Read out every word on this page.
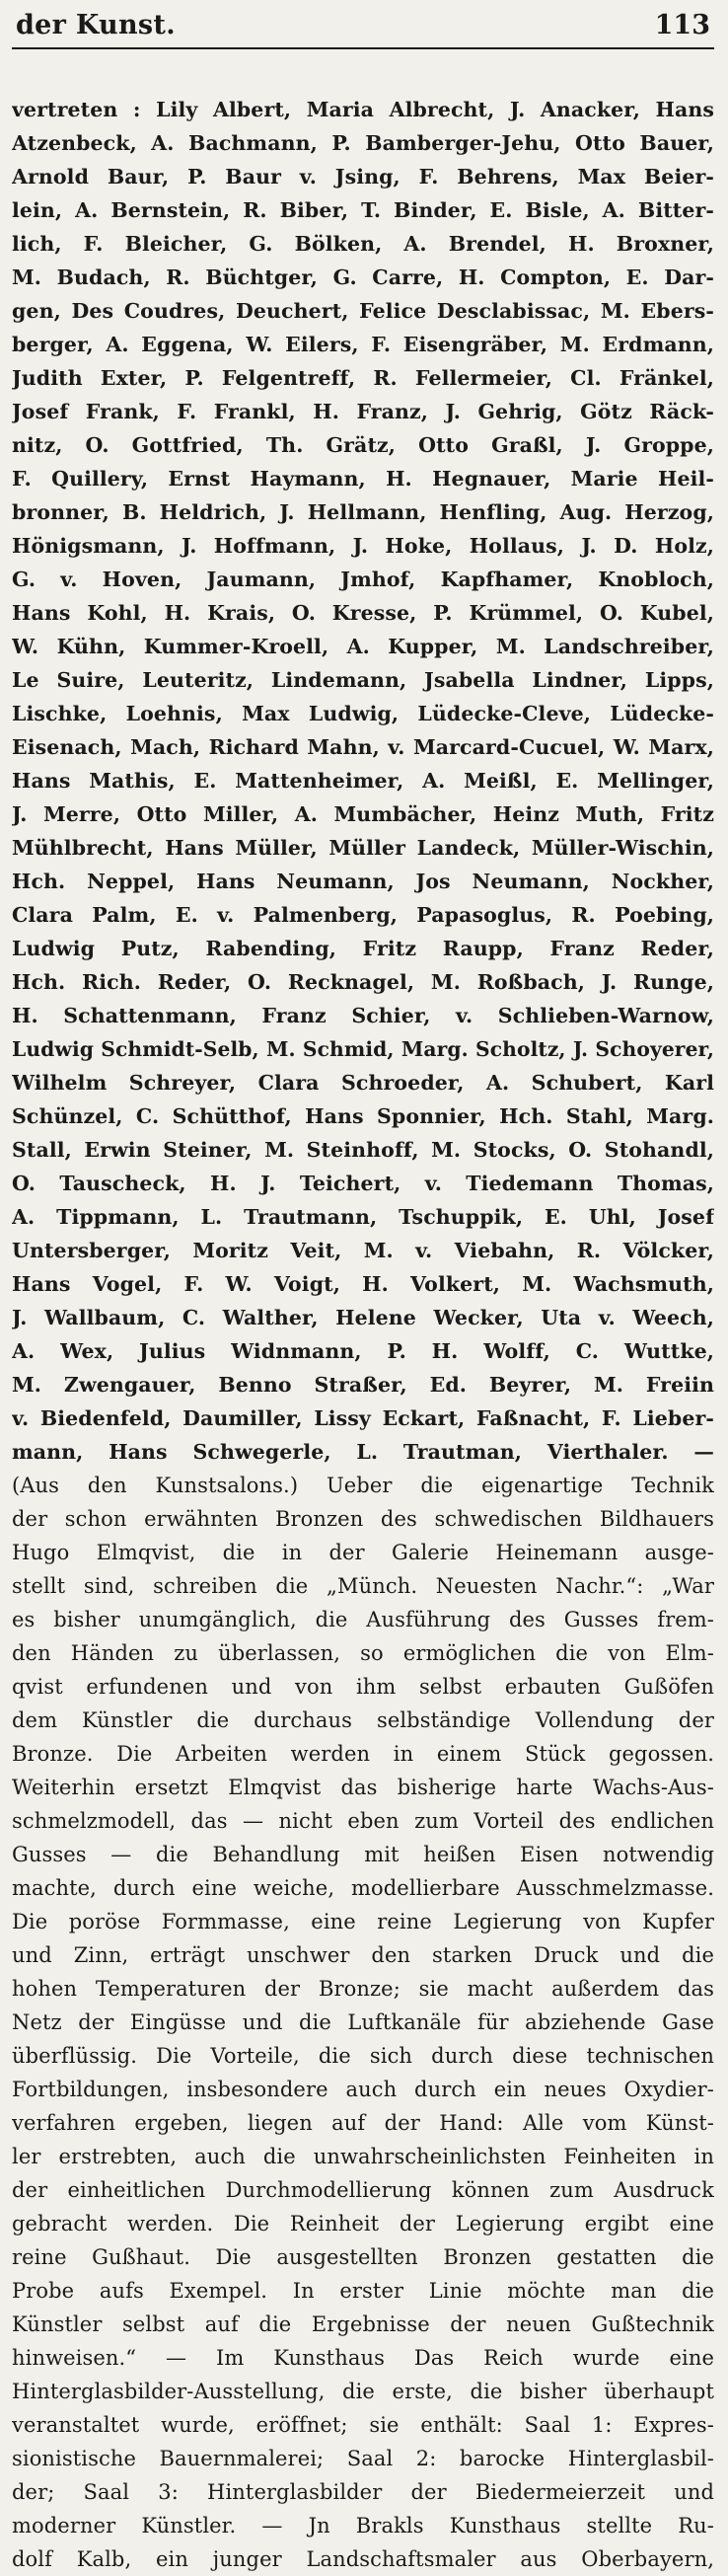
der Kunst.	113
vertreten : Lily Albert, Maria Albrecht, J. Anacker, Hans
Atzenbeck, A. Bachmann, P. Bamberger-Jehu, Otto Bauer,
Arnold Baur, P. Baur v. Jsing, F. Behrens, Max Beier-
lein, A. Bernstein, R. Biber, T. Binder, E. Bisle, A. Bitter-
lich, F. Bleicher, G. Bölken, A. Brendel, H. Broxner,
M. Budach, R. Büchtger, G. Carre, H. Compton, E. Dar-
gen, Des Coudres, Deuchert, Felice Desclabissac, M. Ebers-
berger, A. Eggena, W. Eilers, F. Eisengräber, M. Erdmann,
Judith Exter, P. Felgentreff, R. Fellermeier, Cl. Fränkel,
Josef Frank, F. Frankl, H. Franz, J. Gehrig, Götz Räck-
nitz, O. Gottfried, Th. Grätz, Otto Graßl, J. Groppe,
F. Quillery, Ernst Haymann, H. Hegnauer, Marie Heil-
bronner, B. Heldrich, J. Hellmann, Henfling, Aug. Herzog,
Hönigsmann, J. Hoffmann, J. Hoke, Hollaus, J. D. Holz,
G. v. Hoven, Jaumann, Jmhof, Kapfhamer, Knobloch,
Hans Kohl, H. Krais, O. Kresse, P. Krümmel, O. Kubel,
W. Kühn, Kummer-Kroell, A. Kupper, M. Landschreiber,
Le Suire, Leuteritz, Lindemann, Jsabella Lindner, Lipps,
Lischke, Loehnis, Max Ludwig, Lüdecke-Cleve, Lüdecke-
Eisenach, Mach, Richard Mahn, v. Marcard-Cucuel, W. Marx,
Hans Mathis, E. Mattenheimer, A. Meißl, E. Mellinger,
J. Merre, Otto Miller, A. Mumbächer, Heinz Muth, Fritz
Mühlbrecht, Hans Müller, Müller Landeck, Müller-Wischin,
Hch. Neppel, Hans Neumann, Jos Neumann, Nockher,
Clara Palm, E. v. Palmenberg, Papasoglus, R. Poebing,
Ludwig Putz, Rabending, Fritz Raupp, Franz Reder,
Hch. Rich. Reder, O. Recknagel, M. Roßbach, J. Runge,
H. Schattenmann, Franz Schier, v. Schlieben-Warnow,
Ludwig Schmidt-Selb, M. Schmid, Marg. Scholtz, J. Schoyerer,
Wilhelm Schreyer, Clara Schroeder, A. Schubert, Karl
Schünzel, C. Schütthof, Hans Sponnier, Hch. Stahl, Marg.
Stall, Erwin Steiner, M. Steinhoff, M. Stocks, O. Stohandl,
O. Tauscheck, H. J. Teichert, v. Tiedemann Thomas,
A. Tippmann, L. Trautmann, Tschuppik, E. Uhl, Josef
Untersberger, Moritz Veit, M. v. Viebahn, R. Völcker,
Hans Vogel, F. W. Voigt, H. Volkert, M. Wachsmuth,
J. Wallbaum, C. Walther, Helene Wecker, Uta v. Weech,
A. Wex, Julius Widnmann, P. H. Wolff, C. Wuttke,
M. Zwengauer, Benno Straßer, Ed. Beyrer, M. Freiin
v. Biedenfeld, Daumiller, Lissy Eckart, Faßnacht, F. Lieber-
mann, Hans Schwegerle, L. Trautman, Vierthaler. —
(Aus den Kunstsalons.) Ueber die eigenartige Technik
der schon erwähnten Bronzen des schwedischen Bildhauers
Hugo Elmqvist, die in der Galerie Heinemann ausge-
stellt sind, schreiben die „Münch. Neuesten Nachr.“: „War
es bisher unumgänglich, die Ausführung des Gusses frem-
den Händen zu überlassen, so ermöglichen die von Elm-
qvist erfundenen und von ihm selbst erbauten Gußöfen
dem Künstler die durchaus selbständige Vollendung der
Bronze. Die Arbeiten werden in einem Stück gegossen.
Weiterhin ersetzt Elmqvist das bisherige harte Wachs-Aus-
schmelzmodell, das — nicht eben zum Vorteil des endlichen
Gusses — die Behandlung mit heißen Eisen notwendig
machte, durch eine weiche, modellierbare Ausschmelzmasse.
Die poröse Formmasse, eine reine Legierung von Kupfer
und Zinn, erträgt unschwer den starken Druck und die
hohen Temperaturen der Bronze; sie macht außerdem das
Netz der Eingüsse und die Luftkanäle für abziehende Gase
überflüssig. Die Vorteile, die sich durch diese technischen
Fortbildungen, insbesondere auch durch ein neues Oxydier-
verfahren ergeben, liegen auf der Hand: Alle vom Künst-
ler erstrebten, auch die unwahrscheinlichsten Feinheiten in
der einheitlichen Durchmodellierung können zum Ausdruck
gebracht werden. Die Reinheit der Legierung ergibt eine
reine Gußhaut. Die ausgestellten Bronzen gestatten die
Probe aufs Exempel. In erster Linie möchte man die
Künstler selbst auf die Ergebnisse der neuen Gußtechnik
hinweisen.“ — Im Kunsthaus Das Reich wurde eine
Hinterglasbilder-Ausstellung, die erste, die bisher überhaupt
veranstaltet wurde, eröffnet; sie enthält: Saal 1: Expres-
sionistische Bauernmalerei; Saal 2: barocke Hinterglasbil-
der; Saal 3: Hinterglasbilder der Biedermeierzeit und
moderner Künstler. — Jn Brakls Kunsthaus stellte Ru-
dolf Kalb, ein junger Landschaftsmaler aus Oberbayern,
